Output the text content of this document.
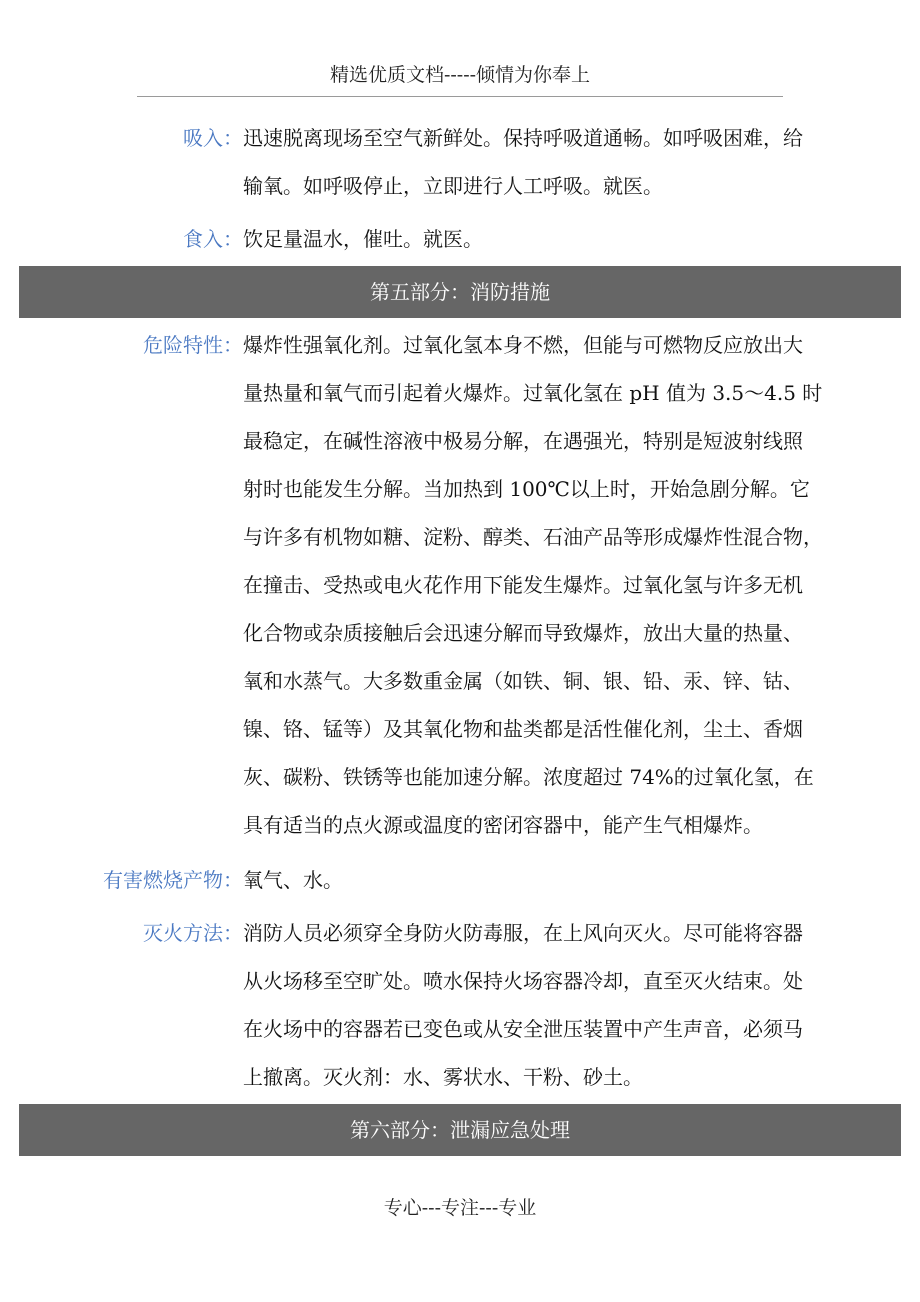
精选优质文档-----倾情为你奉上
吸入： 迅速脱离现场至空气新鲜处。保持呼吸道通畅。如呼吸困难，给
输氧。如呼吸停止，立即进行人工呼吸。就医。
食入： 饮足量温水，催吐。就医。
第五部分：消防措施
危险特性： 爆炸性强氧化剂。过氧化氢本身不燃，但能与可燃物反应放出大
量热量和氧气而引起着火爆炸。过氧化氢在 pH 值为 3.5～4.5 时
最稳定，在碱性溶液中极易分解，在遇强光，特别是短波射线照
射时也能发生分解。当加热到 100℃以上时，开始急剧分解。它
与许多有机物如糖、淀粉、醇类、石油产品等形成爆炸性混合物，
在撞击、受热或电火花作用下能发生爆炸。过氧化氢与许多无机
化合物或杂质接触后会迅速分解而导致爆炸，放出大量的热量、
氧和水蒸气。大多数重金属（如铁、铜、银、铅、汞、锌、钴、
镍、铬、锰等）及其氧化物和盐类都是活性催化剂，尘土、香烟
灰、碳粉、铁锈等也能加速分解。浓度超过 74%的过氧化氢，在
具有适当的点火源或温度的密闭容器中，能产生气相爆炸。
有害燃烧产物： 氧气、水。
灭火方法： 消防人员必须穿全身防火防毒服，在上风向灭火。尽可能将容器
从火场移至空旷处。喷水保持火场容器冷却，直至灭火结束。处
在火场中的容器若已变色或从安全泄压装置中产生声音，必须马
上撤离。灭火剂：水、雾状水、干粉、砂土。
第六部分：泄漏应急处理
专心---专注---专业
